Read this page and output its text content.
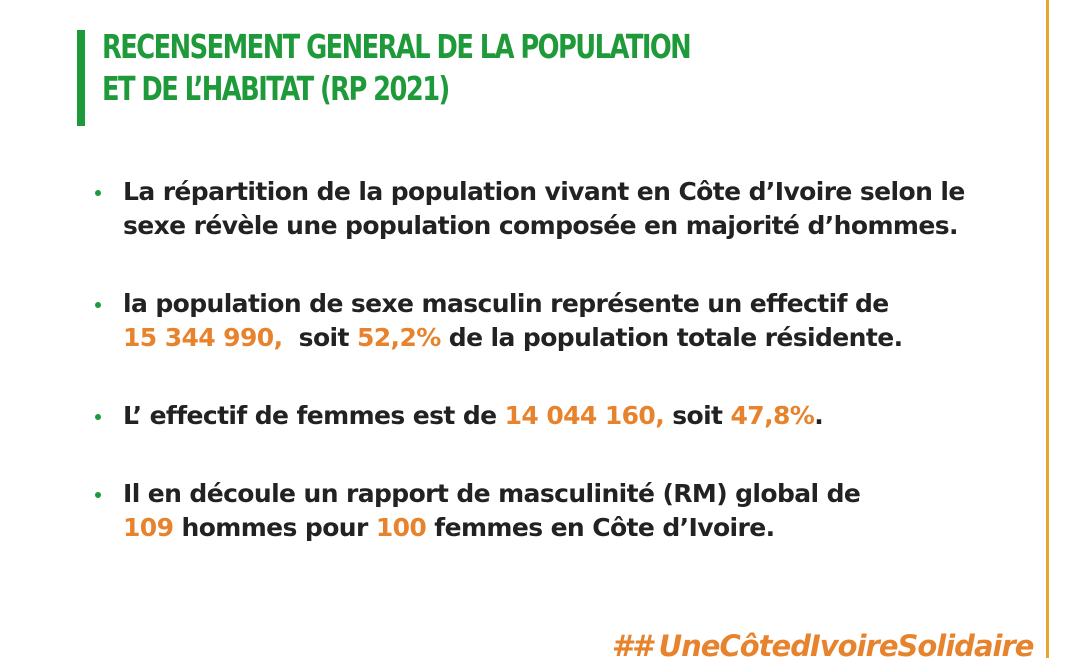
RECENSEMENT GENERAL DE LA POPULATION
ET DE L’HABITAT (RP 2021)
La répartition de la population vivant en Côte d’Ivoire selon le
sexe révèle une population composée en majorité d’hommes.
la population de sexe masculin représente un effectif de
15 344 990,  soit 52,2% de la population totale résidente.
L’ effectif de femmes est de 14 044 160, soit 47,8%.
Il en découle un rapport de masculinité (RM) global de
109 hommes pour 100 femmes en Côte d’Ivoire.
## UneCôtedIvoireSolidaire
